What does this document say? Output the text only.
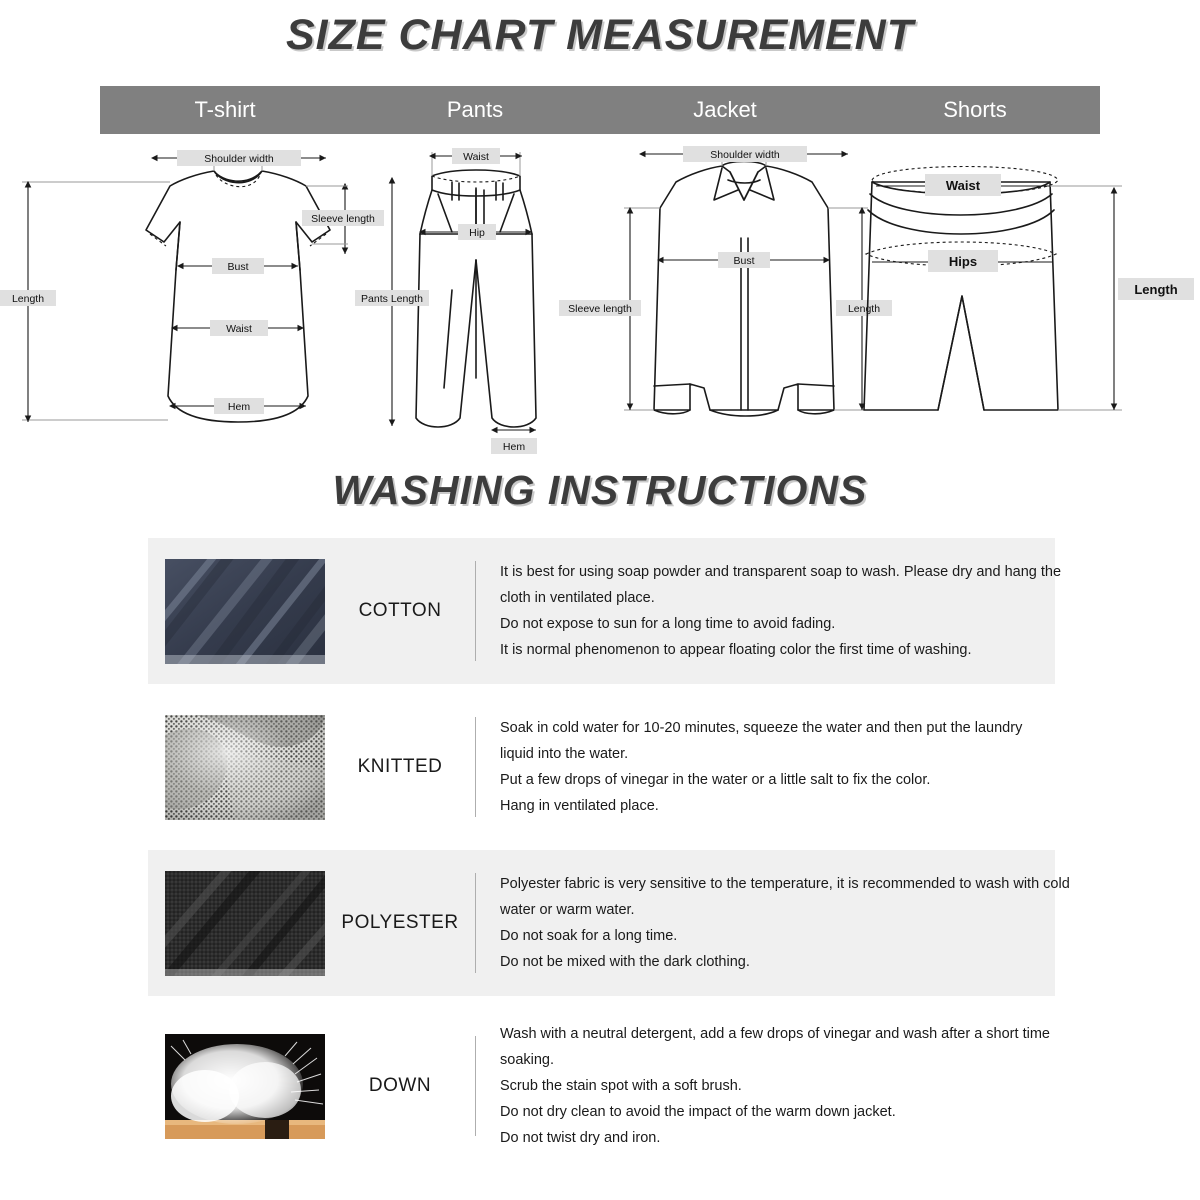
SIZE CHART MEASUREMENT
T-shirt	Pants	Jacket	Shorts
Shoulder width
Sleeve length
Bust
Waist
Hem
Length
Waist
Hip
Pants Length
Hem
Shoulder width
Bust
Sleeve length	Length
Waist
Hips
Length
WASHING INSTRUCTIONS
COTTON

It is best for using soap powder and transparent soap to wash. Please dry and hang the

cloth in ventilated place.

Do not expose to sun for a long time to avoid fading.

It is normal phenomenon to appear floating color the first time of washing.

KNITTED

Soak in cold water for 10-20 minutes, squeeze the water and then put the laundry

liquid into the water.

Put a few drops of vinegar in the water or a little salt to fix the color.

Hang in ventilated place.

POLYESTER

Polyester fabric is very sensitive to the temperature, it is recommended to wash with cold

water or warm water.

Do not soak for a long time.

Do not be mixed with the dark clothing.

DOWN

Wash with a neutral detergent, add a few drops of vinegar and wash after a short time

soaking.

Scrub the stain spot with a soft brush.

Do not dry clean to avoid the impact of the warm down jacket.

Do not twist dry and iron.
